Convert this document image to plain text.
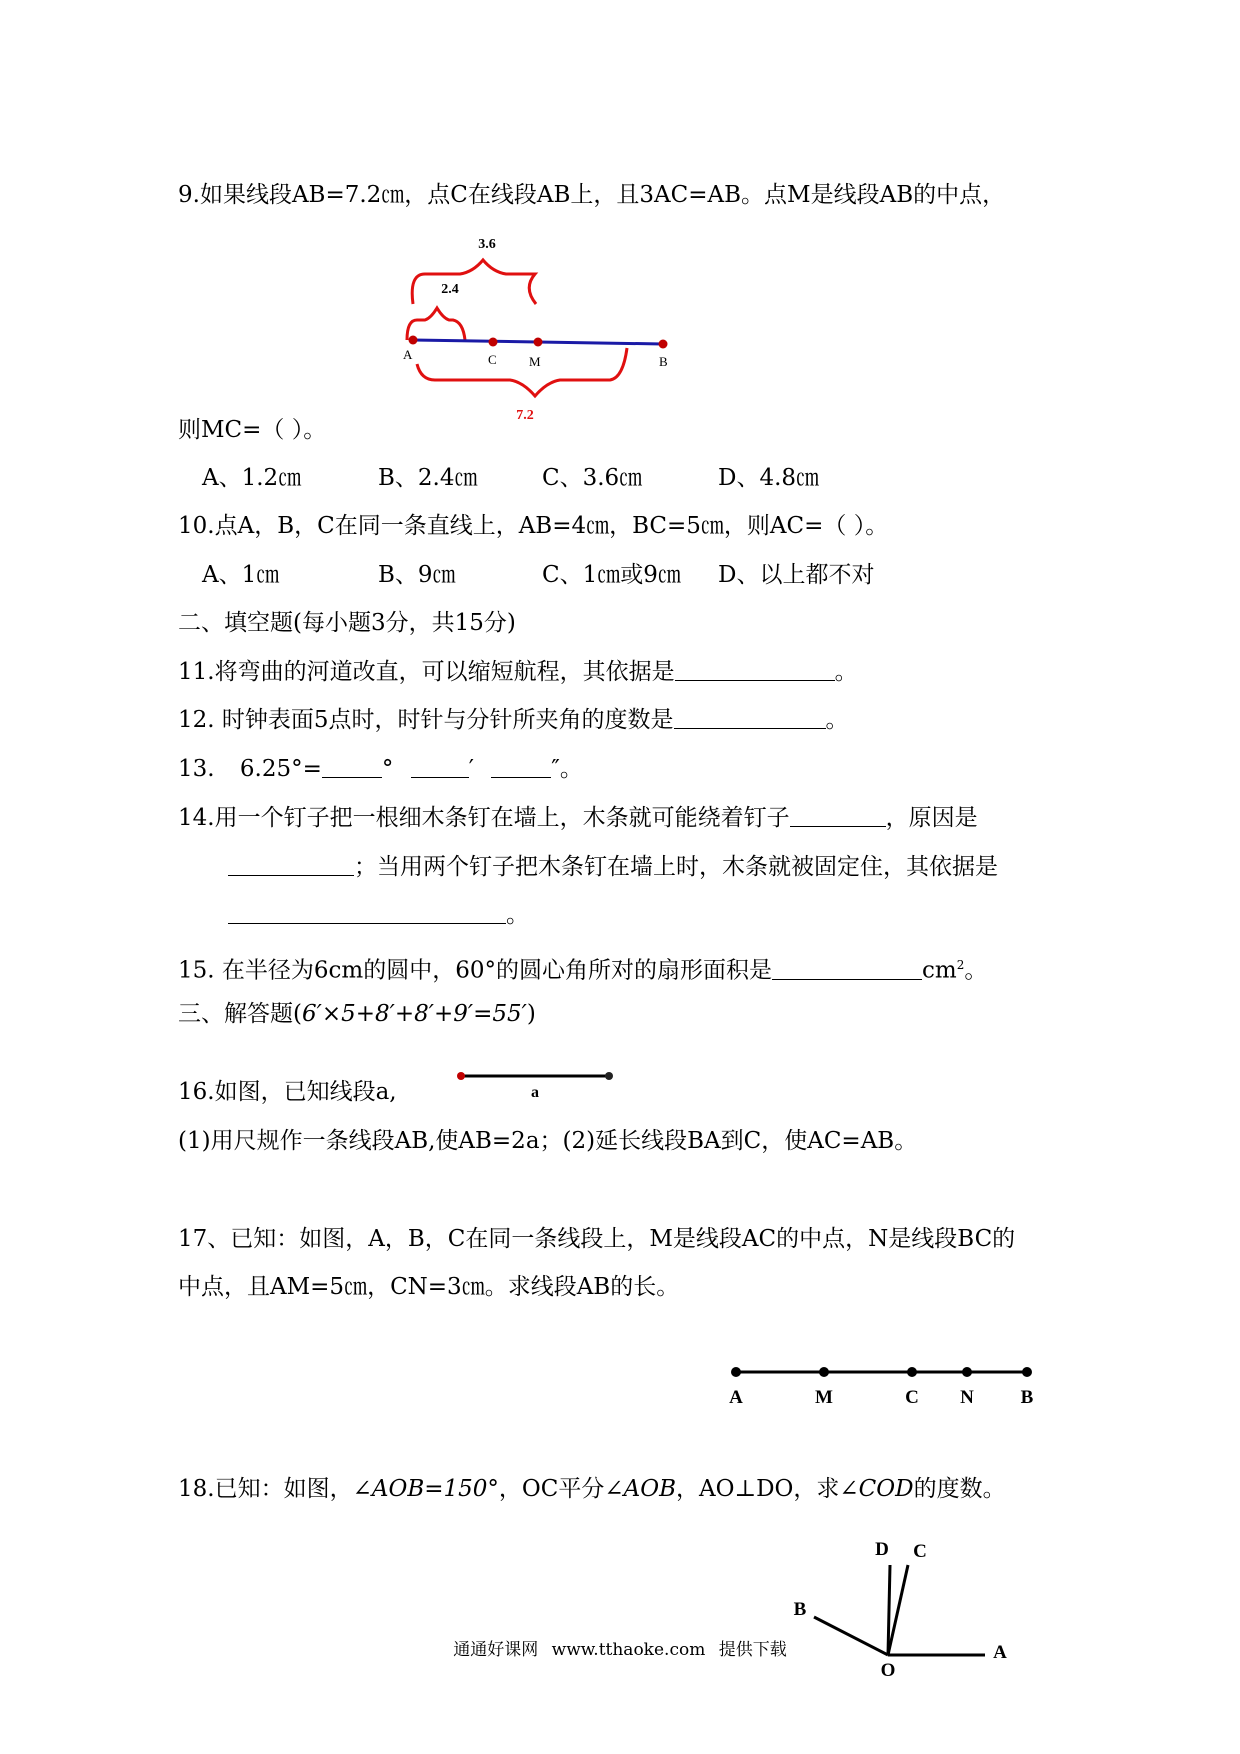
9.如果线段AB=7.2㎝，点C在线段AB上，且3AC=AB。点M是线段AB的中点，
3.6
2.4
7.2
A	C M	B
则MC=（ ）。
A、1.2㎝	B、2.4㎝	C、3.6㎝	D、4.8㎝
10.点A，B，C在同一条直线上，AB=4㎝，BC=5㎝，则AC=（ ）。
A、1㎝	B、9㎝	C、1㎝或9㎝ D、以上都不对
二、填空题(每小题3分，共15分)
11.将弯曲的河道改直，可以缩短航程，其依据是	。
12. 时钟表面5点时，时针与分针所夹角的度数是	。
13. 6.25°=	°	′	″。
14.用一个钉子把一根细木条钉在墙上，木条就可能绕着钉子	，原因是
；当用两个钉子把木条钉在墙上时，木条就被固定住，其依据是
。
15. 在半径为6cm的圆中，60°的圆心角所对的扇形面积是	$cm^2$。
三、解答题(6′×5+8′+8′+9′=55′)
16.如图，已知线段a,	a
(1)用尺规作一条线段AB,使AB=2a；(2)延长线段BA到C，使AC=AB。
17、已知：如图，A，B，C在同一条线段上，M是线段AC的中点，N是线段BC的
中点，且AM=5㎝，CN=3㎝。求线段AB的长。
A	M	C N B
18.已知：如图，∠AOB=150°，OC平分∠AOB，AO⊥DO，求∠COD的度数。
D C
B
A
O
通通好课网 www.tthaoke.com 提供下载
